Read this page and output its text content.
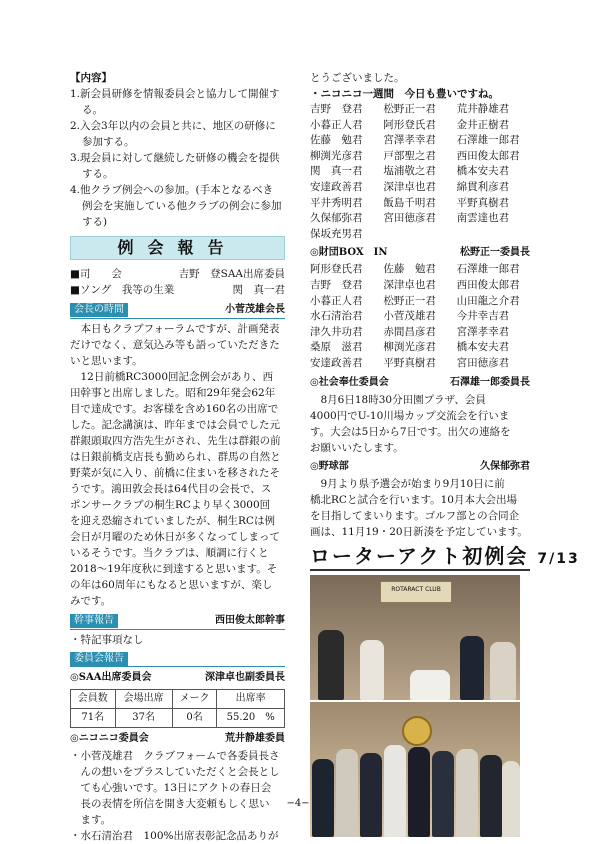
【内容】
1.新会員研修を情報委員会と協力して開催す
る。
2.入会3年以内の会員と共に、地区の研修に
参加する。
3.現会員に対して継続した研修の機会を提供
する。
4.他クラブ例会への参加。(手本となるべき
例会を実施している他クラブの例会に参加
する)
例会報告
■司　　会	吉野　登SAA出席委員
■ソング　我等の生業	関　真一君
会長の時間	小菅茂雄会長
　本日もクラブフォーラムですが、計画発表
だけでなく、意気込み等も語っていただきた
いと思います。
　12日前橋RC3000回記念例会があり、西
田幹事と出席しました。昭和29年発会62年
目で達成です。お客様を含め160名の出席で
した。記念講演は、昨年までは会員でした元
群銀頭取四方浩先生がされ、先生は群銀の前
は日銀前橋支店長も勤められ、群馬の自然と
野菜が気に入り、前橋に住まいを移されたそ
うです。鴻田敦会長は64代目の会長で、ス
ポンサークラブの桐生RCより早く3000回
を迎え恐縮されていましたが、桐生RCは例
会日が月曜のため休日が多くなってしまって
いるそうです。当クラブは、順調に行くと
2018～19年度秋に到達すると思います。そ
の年は60周年にもなると思いますが、楽し
みです。
幹事報告	西田俊太郎幹事
・特記事項なし
委員会報告
◎SAA出席委員会	深津卓也副委員長
会員数	会場出席	メーク	出席率
71名	37名	0名	55.20　%
◎ニコニコ委員会	荒井静雄委員
・小菅茂雄君　クラブフォームで各委員長さ
　んの想いをプラスしていただくと会長とし
　ても心強いです。13日にアクトの春日会
　長の表情を所信を開き大変頼もしく思い
　ます。
・水石清治君　100%出席表彰記念品ありが
とうございました。
・ニコニコ一週間　今日も豊いですね。
吉野　登君	松野正一君	荒井静雄君
小暮正人君	阿形登氏君	金井正樹君
佐藤　勉君	宮澤孝幸君	石澤雄一郎君
柳渕光彦君	戸部聖之君	西田俊太郎君
関　真一君	塩浦敬之君	橋本安夫君
安達政善君	深津卓也君	綿貫利彦君
平井秀明君	飯島千明君	平野真樹君
久保郁弥君	宮田徳彦君	南雲達也君
保坂充男君
◎財団BOX　IN	松野正一委員長
阿形登氏君	佐藤　勉君	石澤雄一郎君
吉野　登君	深津卓也君	西田俊太郎君
小暮正人君	松野正一君	山田龍之介君
水石清治君	小菅茂雄君	今井幸吉君
津久井功君	赤間昌彦君	宮澤孝幸君
桑原　滋君	柳渕光彦君	橋本安夫君
安達政善君	平野真樹君	宮田徳彦君
◎社会奉仕委員会	石澤雄一郎委員長
　8月6日18時30分田園プラザ、会員
4000円でU-10川場カップ交流会を行いま
す。大会は5日から7日です。出欠の連絡を
お願いいたします。
◎野球部	久保郁弥君
　9月より県予選会が始まり9月10日に前
橋北RCと試合を行います。10月本大会出場
を目指してまいります。ゴルフ部との合同企
画は、11月19・20日新湊を予定しています。
ローターアクト初例会 7/13
ROTARACT CLUB
−4−
